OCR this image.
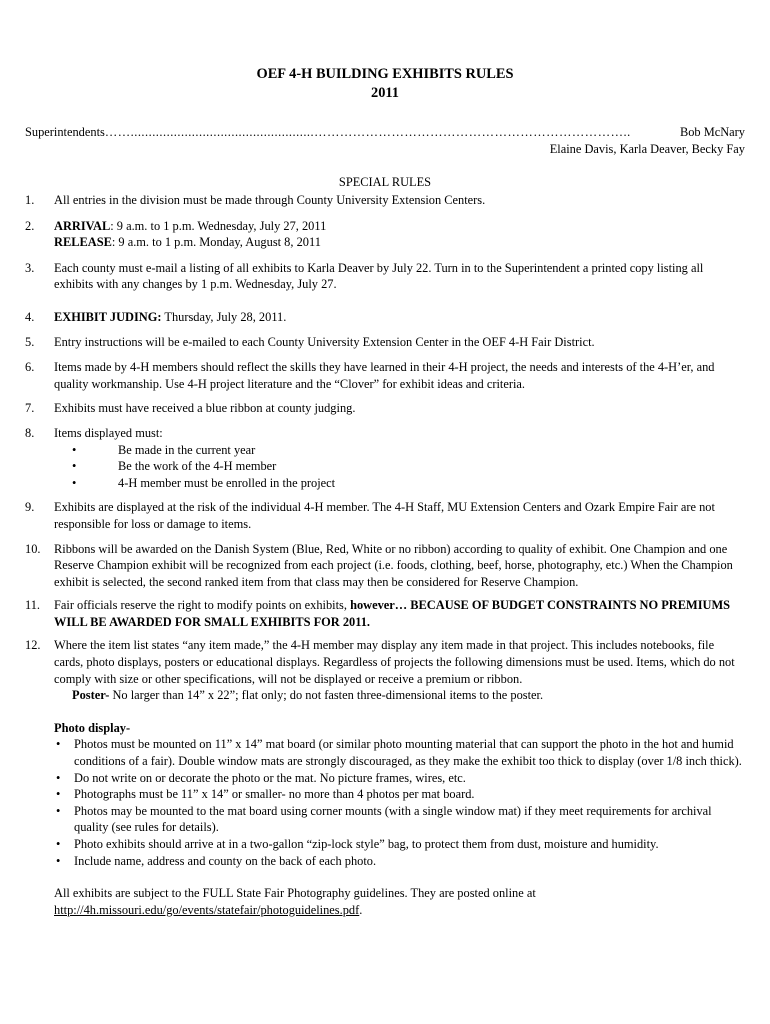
OEF 4-H BUILDING EXHIBITS RULES
2011
Superintendents ……...................................................………………………………………………………………..	Bob McNary
Elaine Davis, Karla Deaver, Becky Fay
SPECIAL RULES
1. All entries in the division must be made through County University Extension Centers.

2. ARRIVAL: 9 a.m. to 1 p.m. Wednesday, July 27, 2011

RELEASE: 9 a.m. to 1 p.m. Monday, August 8, 2011

3. Each county must e-mail a listing of all exhibits to Karla Deaver by July 22. Turn in to the Superintendent a printed copy listing all exhibits with any changes by 1 p.m. Wednesday, July 27.

4. EXHIBIT JUDING: Thursday, July 28, 2011.

5. Entry instructions will be e-mailed to each County University Extension Center in the OEF 4-H Fair District.

6. Items made by 4-H members should reflect the skills they have learned in their 4-H project, the needs and interests of the 4-H’er, and quality workmanship. Use 4-H project literature and the “Clover” for exhibit ideas and criteria.

7. Exhibits must have received a blue ribbon at county judging.

8. Items displayed must:

• Be made in the current year
• Be the work of the 4-H member
• 4-H member must be enrolled in the project
9. Exhibits are displayed at the risk of the individual 4-H member. The 4-H Staff, MU Extension Centers and Ozark Empire Fair are not responsible for loss or damage to items.

10. Ribbons will be awarded on the Danish System (Blue, Red, White or no ribbon) according to quality of exhibit. One Champion and one Reserve Champion exhibit will be recognized from each project (i.e. foods, clothing, beef, horse, photography, etc.) When the Champion exhibit is selected, the second ranked item from that class may then be considered for Reserve Champion.

11. Fair officials reserve the right to modify points on exhibits, however… BECAUSE OF BUDGET CONSTRAINTS NO PREMIUMS WILL BE AWARDED FOR SMALL EXHIBITS FOR 2011.

12. Where the item list states “any item made,” the 4-H member may display any item made in that project. This includes notebooks, file cards, photo displays, posters or educational displays. Regardless of projects the following dimensions must be used. Items, which do not comply with size or other specifications, will not be displayed or receive a premium or ribbon.

Poster- No larger than 14” x 22”; flat only; do not fasten three-dimensional items to the poster.

Photo display-

• Photos must be mounted on 11” x 14” mat board (or similar photo mounting material that can support the photo in the hot and humid conditions of a fair). Double window mats are strongly discouraged, as they make the exhibit too thick to display (over 1/8 inch thick).
• Do not write on or decorate the photo or the mat. No picture frames, wires, etc.
• Photographs must be 11” x 14” or smaller- no more than 4 photos per mat board.
• Photos may be mounted to the mat board using corner mounts (with a single window mat) if they meet requirements for archival quality (see rules for details).
• Photo exhibits should arrive at in a two-gallon “zip-lock style” bag, to protect them from dust, moisture and humidity.
• Include name, address and county on the back of each photo.

All exhibits are subject to the FULL State Fair Photography guidelines. They are posted online at

http://4h.missouri.edu/go/events/statefair/photoguidelines.pdf.
